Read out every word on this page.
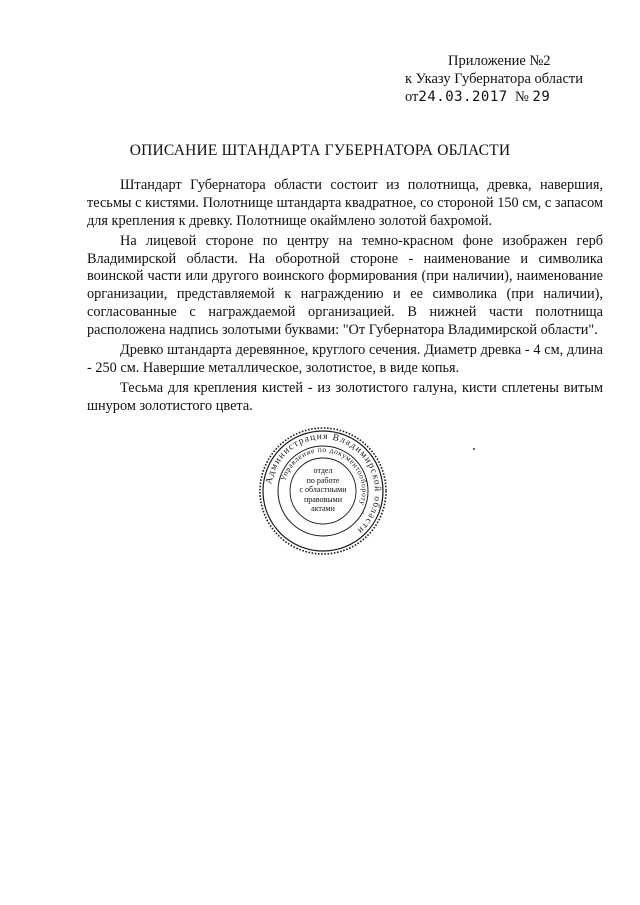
Приложение №2
к Указу Губернатора области
от24.03.2017 № 29
ОПИСАНИЕ ШТАНДАРТА ГУБЕРНАТОРА ОБЛАСТИ

Штандарт Губернатора области состоит из полотнища, древка, навершия, тесьмы с кистями. Полотнище штандарта квадратное, со стороной 150 см, с запасом для крепления к древку. Полотнище окаймлено золотой бахромой.

На лицевой стороне по центру на темно-красном фоне изображен герб Владимирской области. На оборотной стороне - наименование и символика воинской части или другого воинского формирования (при наличии), наименование организации, представляемой к награждению и ее символика (при наличии), согласованные с награждаемой организацией. В нижней части полотнища расположена надпись золотыми буквами: "От Губернатора Владимирской области".

Древко штандарта деревянное, круглого сечения. Диаметр древка - 4 см, длина - 250 см. Навершие металлическое, золотистое, в виде копья.

Тесьма для крепления кистей - из золотистого галуна, кисти сплетены витым шнуром золотистого цвета.

Администрация Владимирской области
Управление по документообороту
отдел
по работе
с областными
правовыми
актами
